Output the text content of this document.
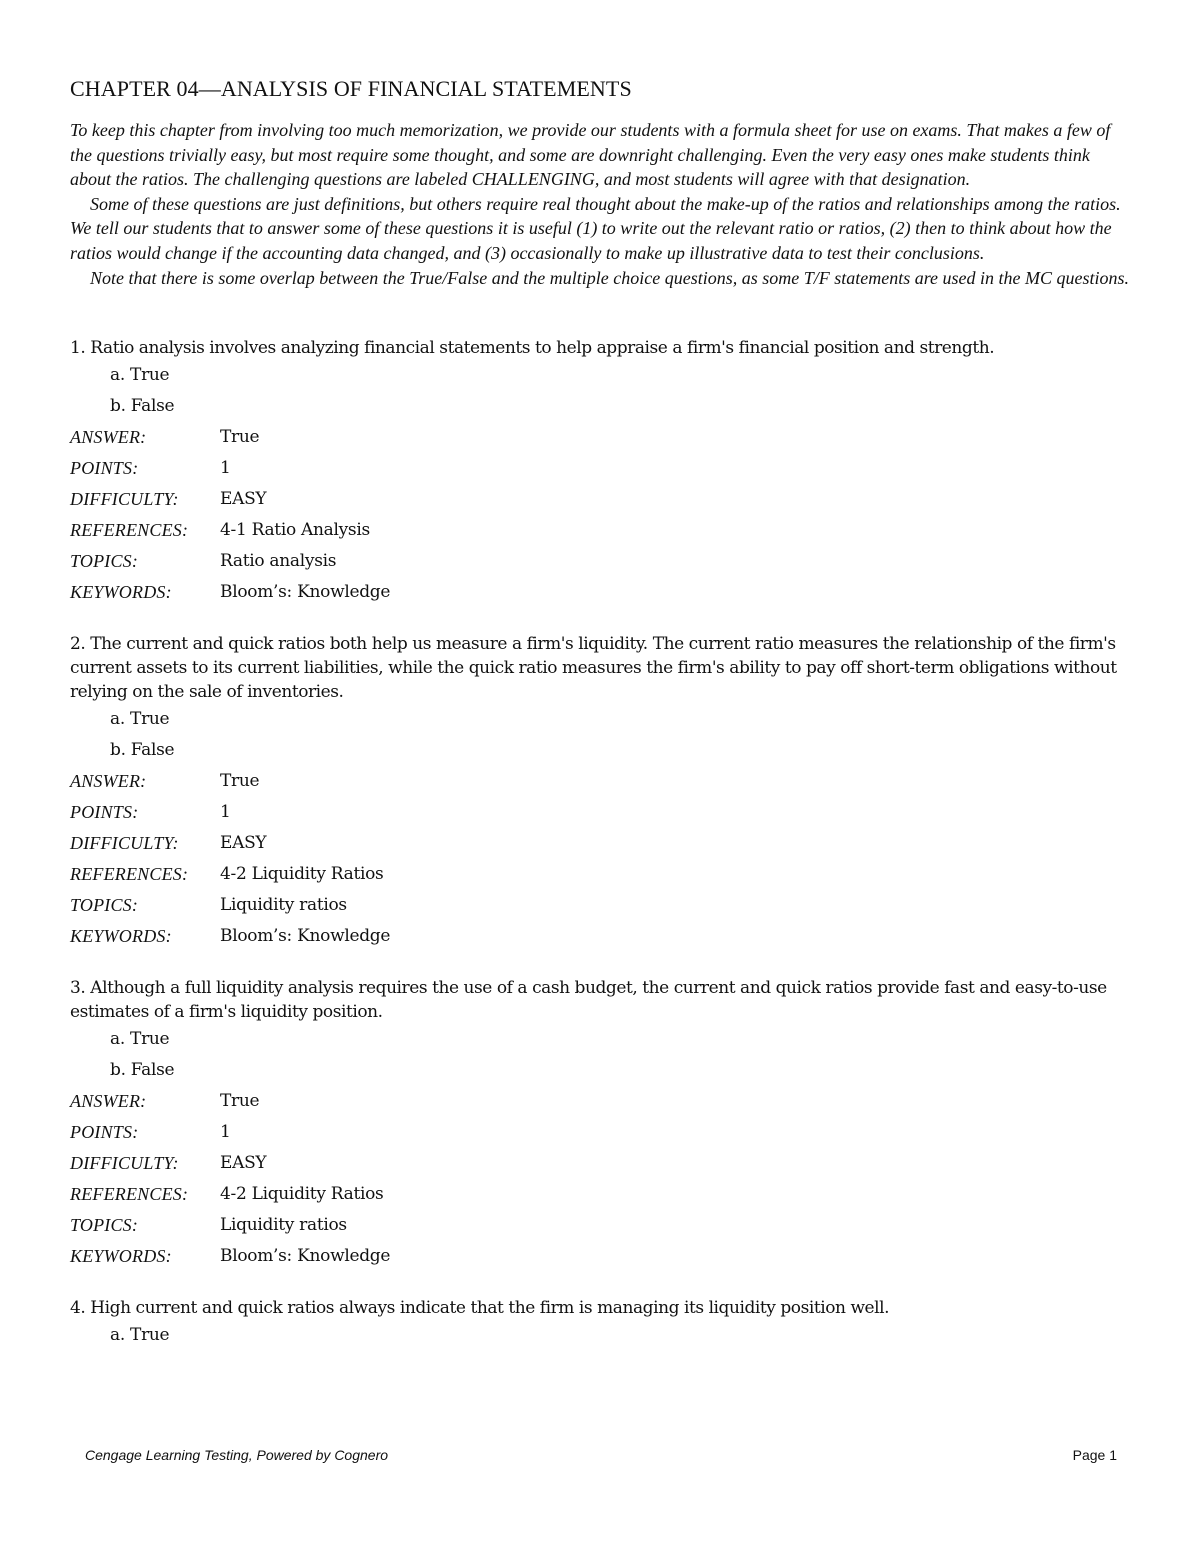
CHAPTER 04—ANALYSIS OF FINANCIAL STATEMENTS

To keep this chapter from involving too much memorization, we provide our students with a formula sheet for use on exams. That makes a few of the questions trivially easy, but most require some thought, and some are downright challenging. Even the very easy ones make students think about the ratios. The challenging questions are labeled CHALLENGING, and most students will agree with that designation.

Some of these questions are just definitions, but others require real thought about the make-up of the ratios and relationships among the ratios. We tell our students that to answer some of these questions it is useful (1) to write out the relevant ratio or ratios, (2) then to think about how the ratios would change if the accounting data changed, and (3) occasionally to make up illustrative data to test their conclusions.

Note that there is some overlap between the True/False and the multiple choice questions, as some T/F statements are used in the MC questions.

1. Ratio analysis involves analyzing financial statements to help appraise a firm's financial position and strength.

a. True

b. False

ANSWER:	True
POINTS:	1
DIFFICULTY:	EASY
REFERENCES:	4-1 Ratio Analysis
TOPICS:	Ratio analysis
KEYWORDS:	Bloom’s: Knowledge

2. The current and quick ratios both help us measure a firm's liquidity. The current ratio measures the relationship of the firm's current assets to its current liabilities, while the quick ratio measures the firm's ability to pay off short-term obligations without relying on the sale of inventories.

a. True

b. False

ANSWER:	True
POINTS:	1
DIFFICULTY:	EASY
REFERENCES:	4-2 Liquidity Ratios
TOPICS:	Liquidity ratios
KEYWORDS:	Bloom’s: Knowledge

3. Although a full liquidity analysis requires the use of a cash budget, the current and quick ratios provide fast and easy-to-use estimates of a firm's liquidity position.

a. True

b. False

ANSWER:	True
POINTS:	1
DIFFICULTY:	EASY
REFERENCES:	4-2 Liquidity Ratios
TOPICS:	Liquidity ratios
KEYWORDS:	Bloom’s: Knowledge

4. High current and quick ratios always indicate that the firm is managing its liquidity position well.

a. True

Cengage Learning Testing, Powered by Cognero	Page 1
